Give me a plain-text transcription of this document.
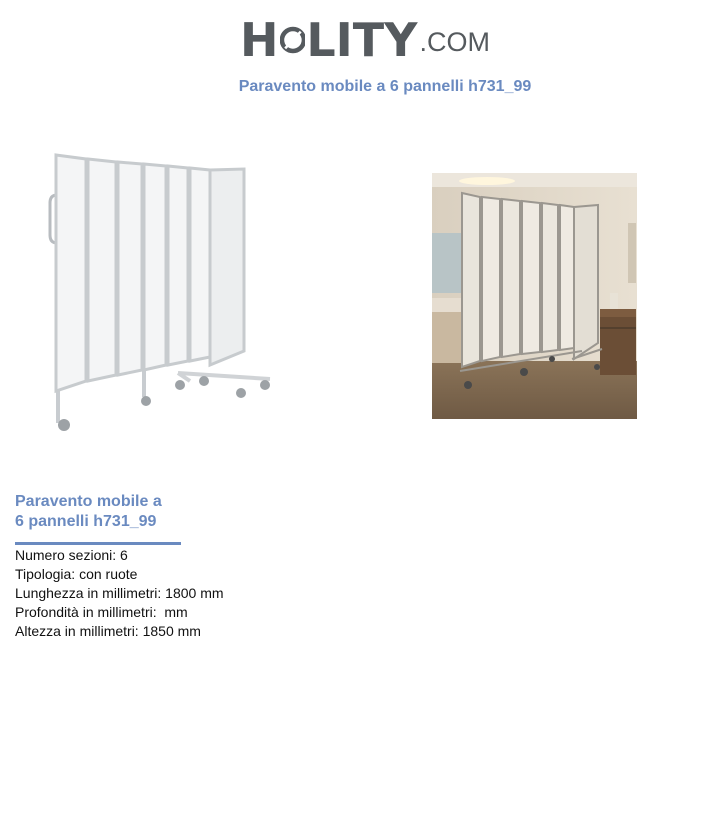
H LITY .COM
Paravento mobile a 6 pannelli h731_99
Paravento mobile a
6 pannelli h731_99
Numero sezioni: 6
Tipologia: con ruote
Lunghezza in millimetri: 1800 mm
Profondità in millimetri:  mm
Altezza in millimetri: 1850 mm
